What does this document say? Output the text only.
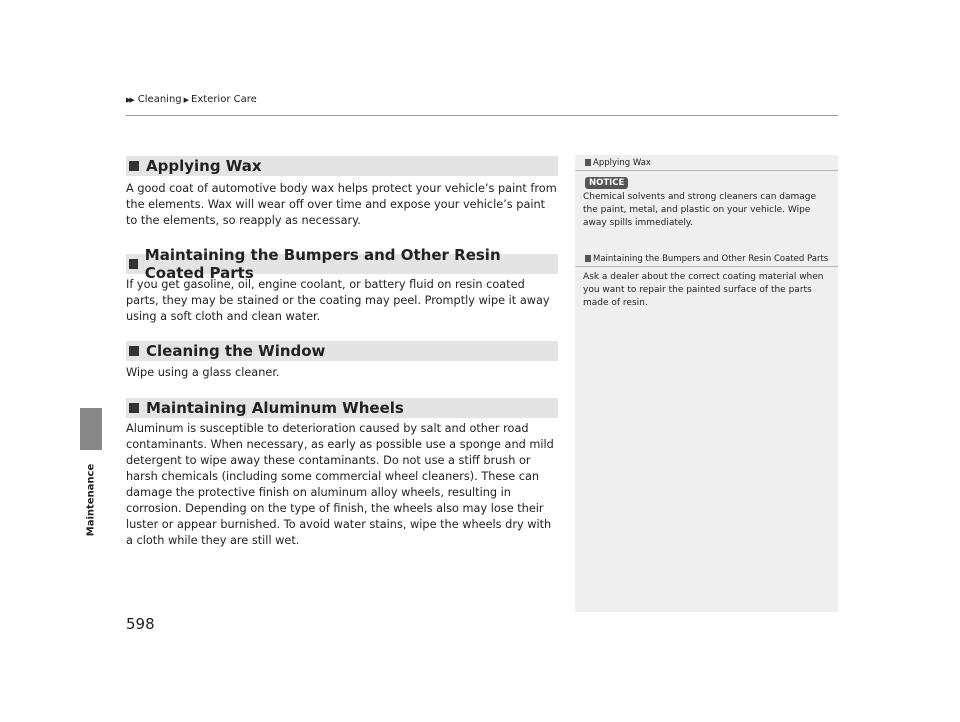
▶▶ Cleaning ▶ Exterior Care
Maintenance
Applying Wax
A good coat of automotive body wax helps protect your vehicle’s paint from the elements. Wax will wear off over time and expose your vehicle’s paint to the elements, so reapply as necessary.
Maintaining the Bumpers and Other Resin Coated Parts
If you get gasoline, oil, engine coolant, or battery fluid on resin coated parts, they may be stained or the coating may peel. Promptly wipe it away using a soft cloth and clean water.
Cleaning the Window
Wipe using a glass cleaner.
Maintaining Aluminum Wheels
Aluminum is susceptible to deterioration caused by salt and other road contaminants. When necessary, as early as possible use a sponge and mild detergent to wipe away these contaminants. Do not use a stiff brush or harsh chemicals (including some commercial wheel cleaners). These can damage the protective finish on aluminum alloy wheels, resulting in corrosion. Depending on the type of finish, the wheels also may lose their luster or appear burnished. To avoid water stains, wipe the wheels dry with a cloth while they are still wet.
Applying Wax
NOTICE
Chemical solvents and strong cleaners can damage the paint, metal, and plastic on your vehicle. Wipe away spills immediately.
Maintaining the Bumpers and Other Resin Coated Parts
Ask a dealer about the correct coating material when you want to repair the painted surface of the parts made of resin.
598
